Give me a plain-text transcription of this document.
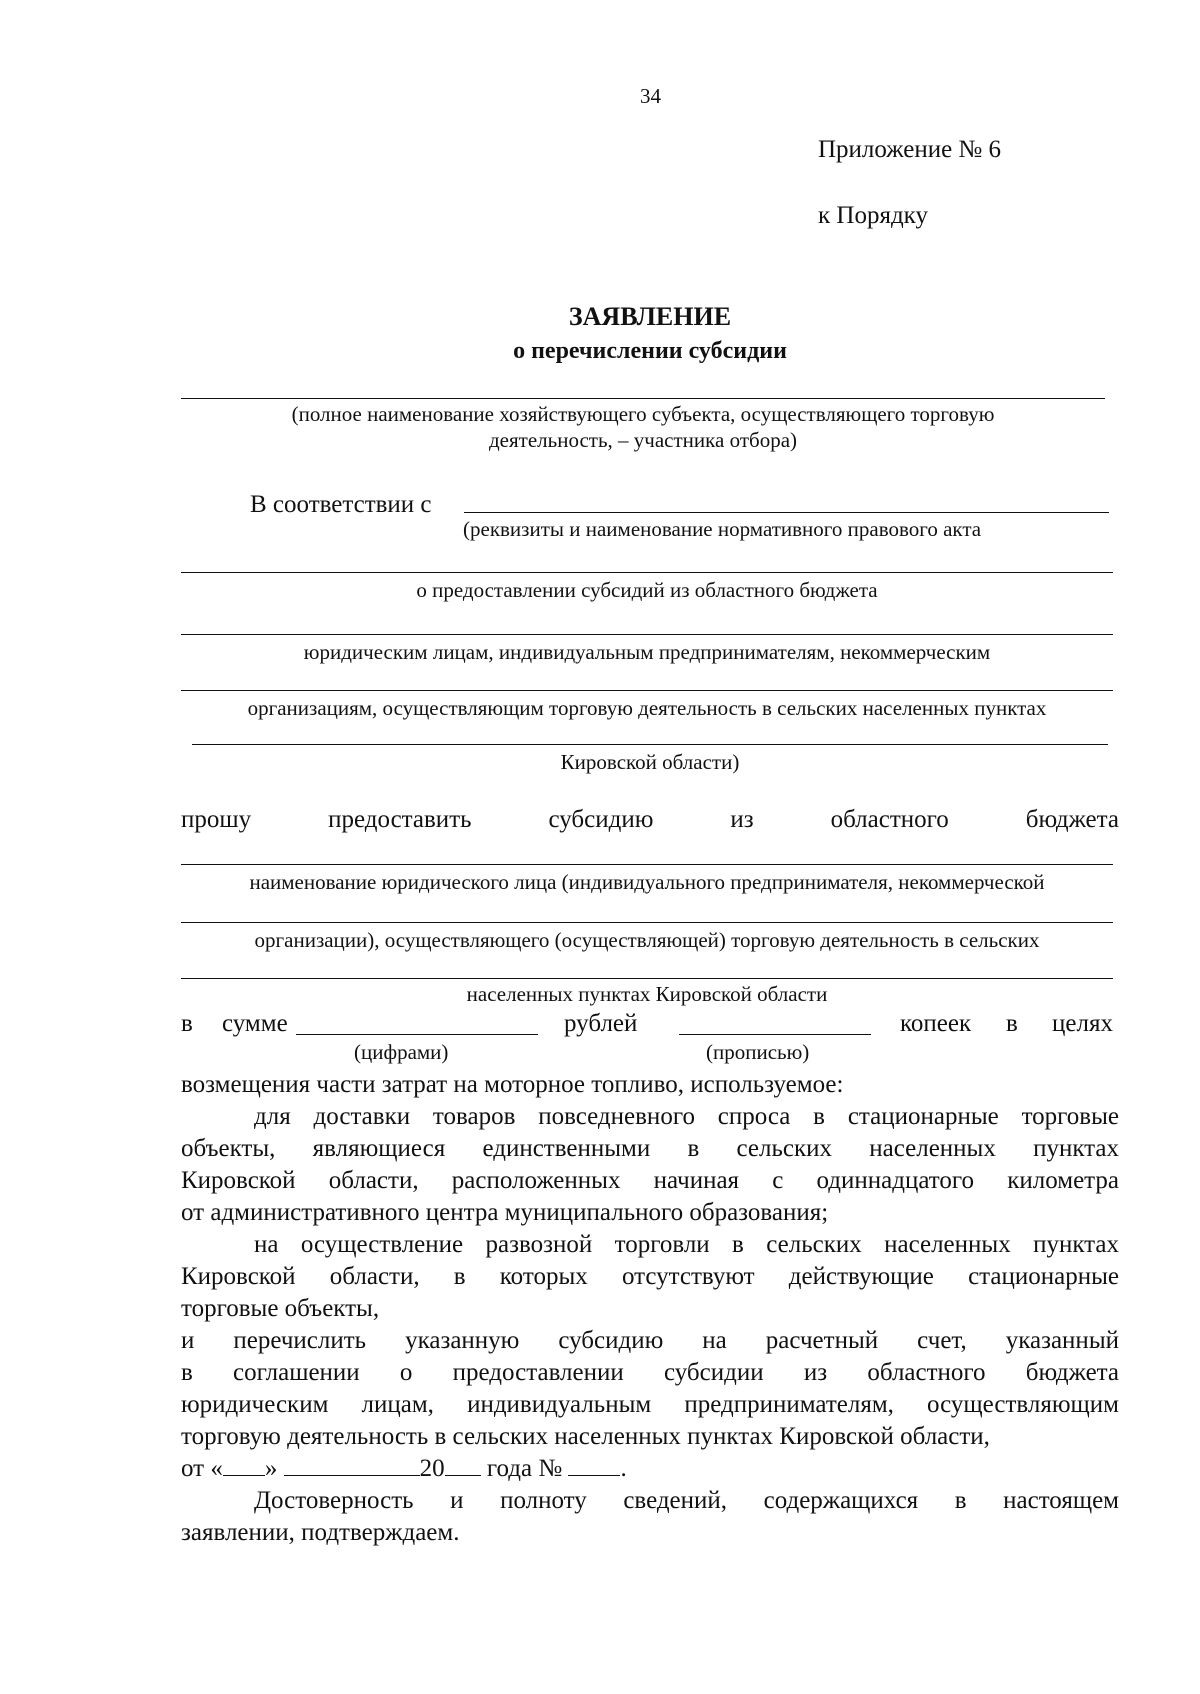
34
Приложение № 6
к Порядку
ЗАЯВЛЕНИЕ
о перечислении субсидии
(полное наименование хозяйствующего субъекта, осуществляющего торговую
деятельность, – участника отбора)
В соответствии с
(реквизиты и наименование нормативного правового акта
о предоставлении субсидий из областного бюджета
юридическим лицам, индивидуальным предпринимателям, некоммерческим
организациям, осуществляющим торговую деятельность в сельских населенных пунктах
Кировской области)
прошу	предоставить	субсидию	из	областного	бюджета
наименование юридического лица (индивидуального предпринимателя, некоммерческой
организации), осуществляющего (осуществляющей) торговую деятельность в сельских
населенных пунктах Кировской области
в сумме	рублей	копеек в целях
(цифрами)	(прописью)
возмещения части затрат на моторное топливо, используемое:
для доставки товаров повседневного спроса в стационарные торговые
объекты, являющиеся единственными в сельских населенных пунктах
Кировской области, расположенных начиная с одиннадцатого километра
от административного центра муниципального образования;
на осуществление развозной торговли в сельских населенных пунктах
Кировской области, в которых отсутствуют действующие стационарные
торговые объекты,
и перечислить указанную субсидию на расчетный счет, указанный
в соглашении о предоставлении субсидии из областного бюджета
юридическим лицам, индивидуальным предпринимателям, осуществляющим
торговую деятельность в сельских населенных пунктах Кировской области,
от « »	20 года № .
Достоверность и полноту сведений, содержащихся в настоящем
заявлении, подтверждаем.
